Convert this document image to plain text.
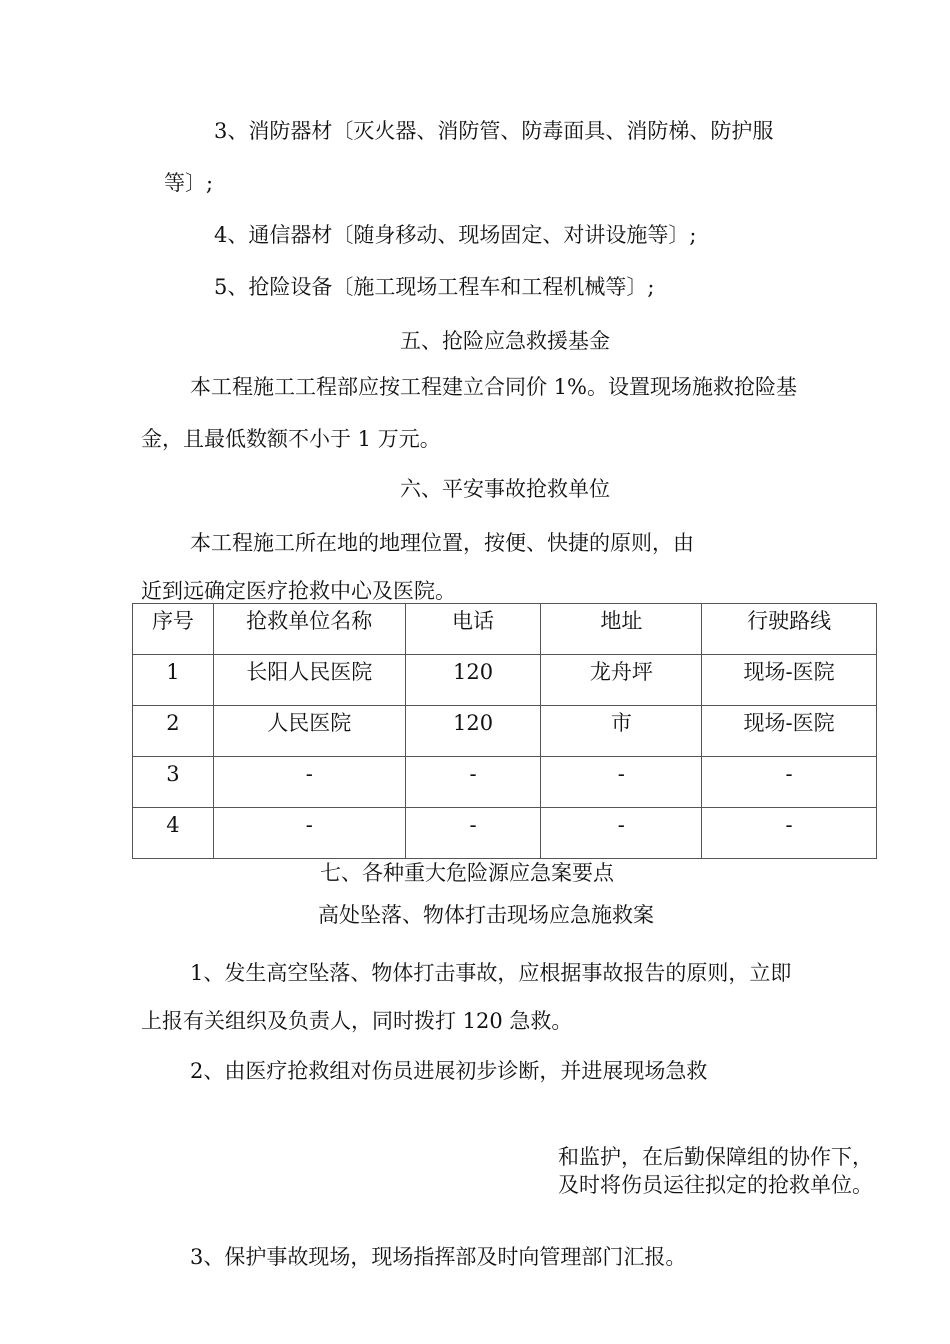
3、消防器材〔灭火器、消防管、防毒面具、消防梯、防护服
等〕;
4、通信器材〔随身移动、现场固定、对讲设施等〕;
5、抢险设备〔施工现场工程车和工程机械等〕;
五、抢险应急救援基金
本工程施工工程部应按工程建立合同价 1%。设置现场施救抢险基
金，且最低数额不小于 1 万元。
六、平安事故抢救单位
本工程施工所在地的地理位置，按便、快捷的原则，由
近到远确定医疗抢救中心及医院。
序号	抢救单位名称	电话	地址	行驶路线
1	长阳人民医院	120	龙舟坪	现场-医院
2	人民医院	120	市	现场-医院
3	-	-	-	-
4	-	-	-	-
七、各种重大危险源应急案要点
高处坠落、物体打击现场应急施救案
1、发生高空坠落、物体打击事故，应根据事故报告的原则，立即
上报有关组织及负责人，同时拨打 120 急救。
2、由医疗抢救组对伤员进展初步诊断，并进展现场急救
和监护，在后勤保障组的协作下，及时将伤员运往拟定的抢救单位。
3、保护事故现场，现场指挥部及时向管理部门汇报。
